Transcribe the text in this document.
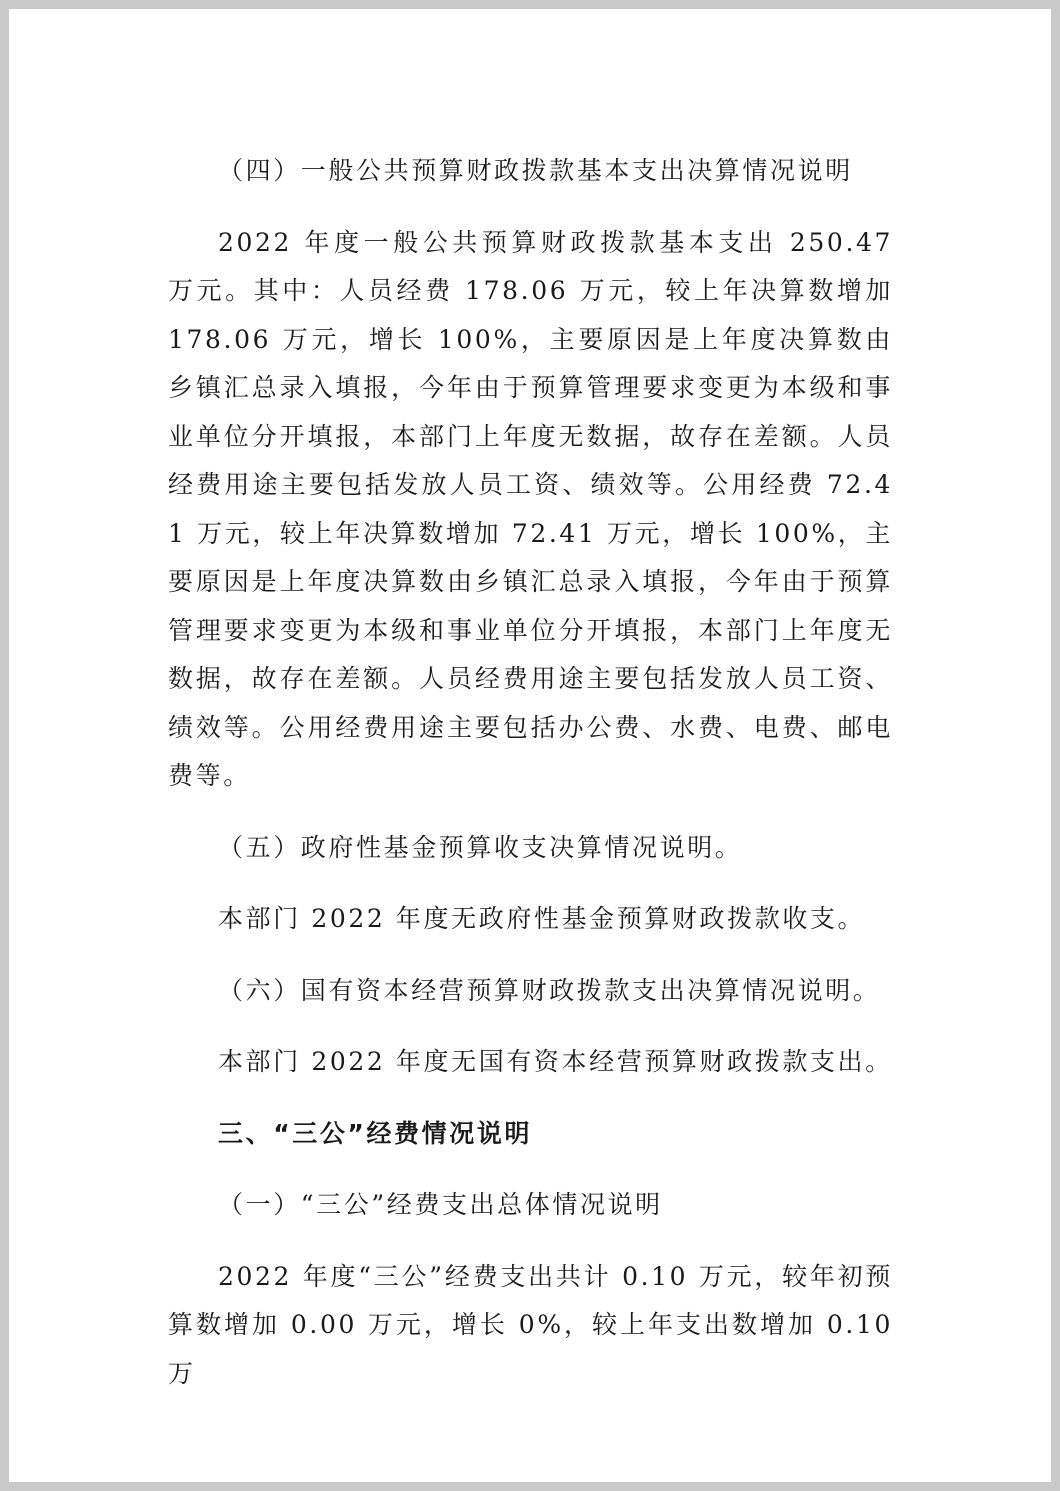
（四）一般公共预算财政拨款基本支出决算情况说明

2022 年度一般公共预算财政拨款基本支出 250.47 万元。其中：人员经费 178.06 万元，较上年决算数增加 178.06 万元，增长 100%，主要原因是上年度决算数由乡镇汇总录入填报，今年由于预算管理要求变更为本级和事业单位分开填报，本部门上年度无数据，故存在差额。人员经费用途主要包括发放人员工资、绩效等。公用经费 72.41 万元，较上年决算数增加 72.41 万元，增长 100%，主要原因是上年度决算数由乡镇汇总录入填报，今年由于预算管理要求变更为本级和事业单位分开填报，本部门上年度无数据，故存在差额。人员经费用途主要包括发放人员工资、绩效等。公用经费用途主要包括办公费、水费、电费、邮电费等。

（五）政府性基金预算收支决算情况说明。

本部门 2022 年度无政府性基金预算财政拨款收支。

（六）国有资本经营预算财政拨款支出决算情况说明。

本部门 2022 年度无国有资本经营预算财政拨款支出。

三、“三公”经费情况说明

（一）“三公”经费支出总体情况说明

2022 年度“三公”经费支出共计 0.10 万元，较年初预算数增加 0.00 万元，增长 0%，较上年支出数增加 0.10 万
